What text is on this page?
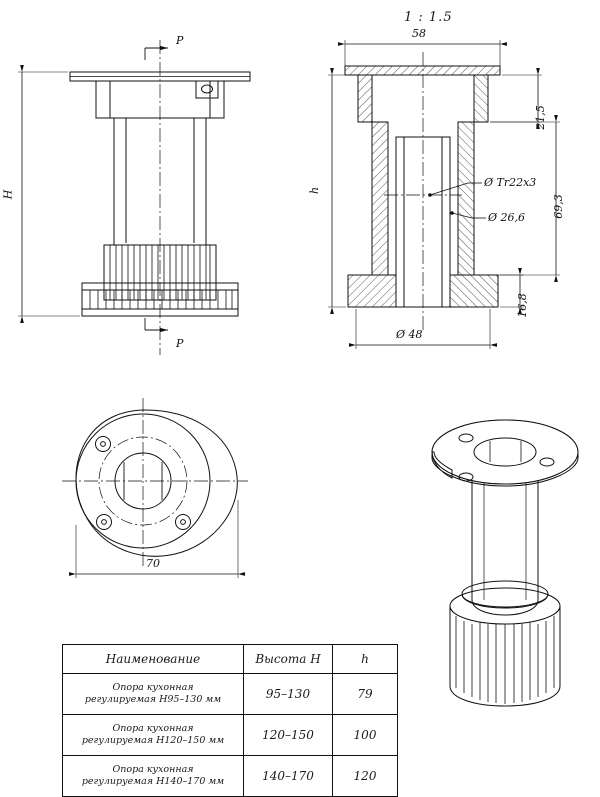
1 : 1.5
H
P
P
58
h
21,5
69,3
16,8
Ø Tr22x3
Ø 26,6
Ø 48
70
Наименование	Высота H	h

Опора кухонная
регулируемая H95–130 мм	95–130	79

Опора кухонная
регулируемая H120–150 мм	120–150	100

Опора кухонная
регулируемая H140–170 мм	140–170	120
